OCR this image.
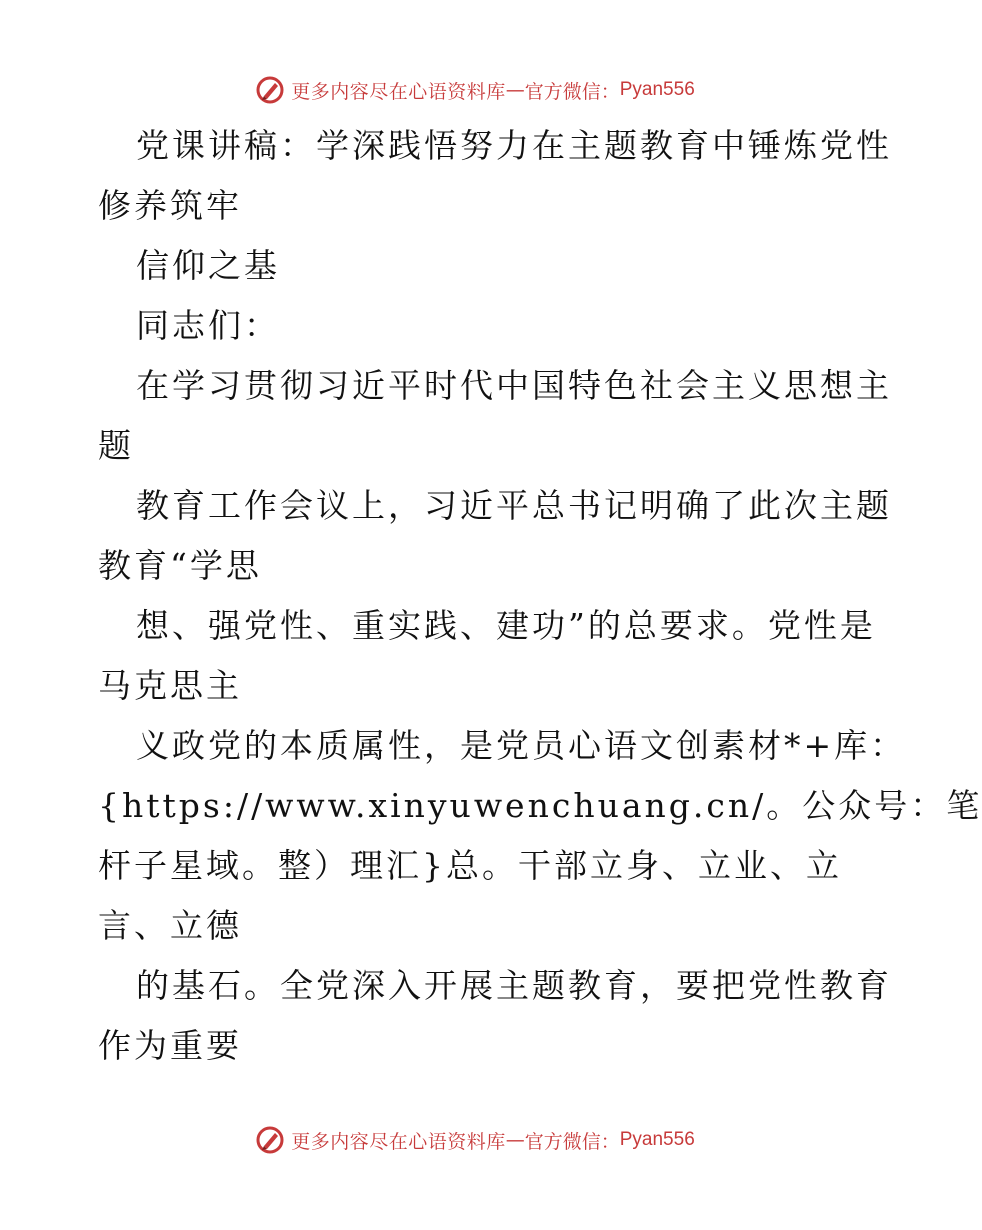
更多内容尽在心语资料库 — 官方微信： Pyan556
党课讲稿：学深践悟努力在主题教育中锤炼党性
修养筑牢
信仰之基
同志们：
在学习贯彻习近平时代中国特色社会主义思想主
题
教育工作会议上，习近平总书记明确了此次主题
教育“学思
想、强党性、重实践、建功”的总要求。党性是
马克思主
义政党的本质属性，是党员心语文创素材*+库：
{https://www.xinyuwenchuang.cn/。公众号：笔
杆子星域。整）理汇}总。干部立身、立业、立
言、立德
的基石。全党深入开展主题教育，要把党性教育
作为重要
更多内容尽在心语资料库 — 官方微信： Pyan556
